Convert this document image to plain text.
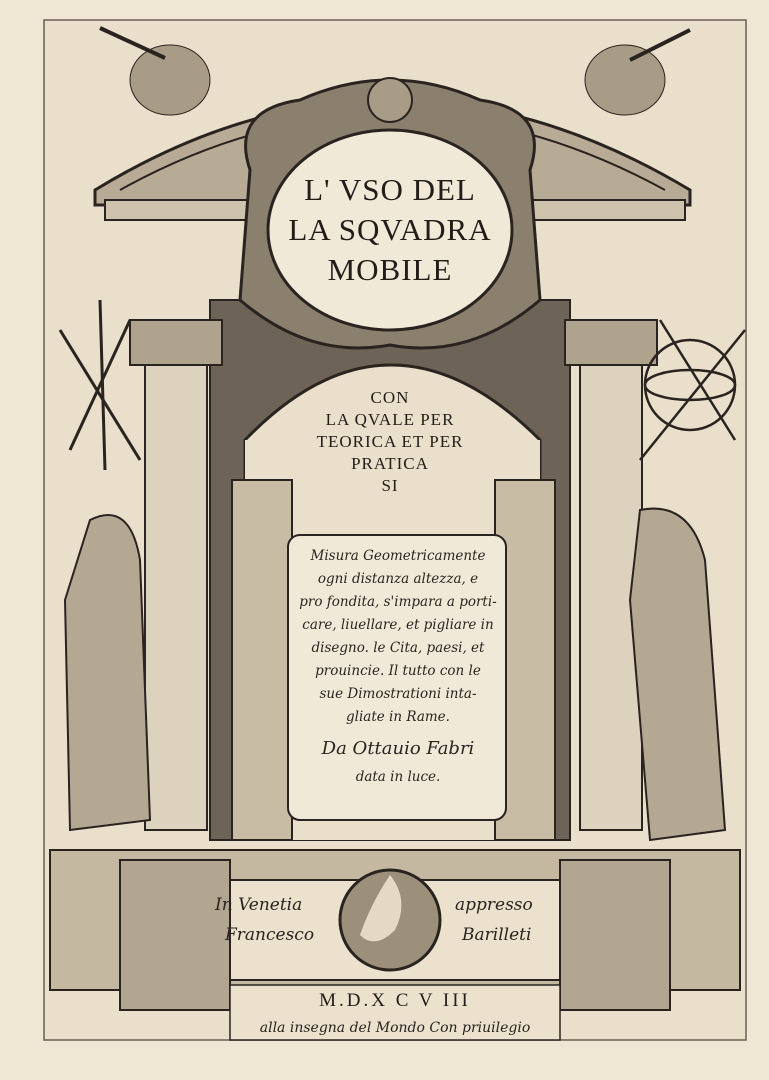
L' VSO DEL
LA SQVADRA
MOBILE
CON
LA QVALE PER
TEORICA ET PER
PRATICA
SI
Misura Geometricamente
ogni distanza altezza, e
pro fondita, s'impara a porti-
care, liuellare, et pigliare in
disegno. le Cita, paesi, et
prouincie. Il tutto con le
sue Dimostrationi inta-
gliate in Rame.
Da Ottauio Fabri
data in luce.
In Venetia
Francesco
appresso
Barilleti
M.D.X C V III
alla insegna del Mondo Con priuilegio
